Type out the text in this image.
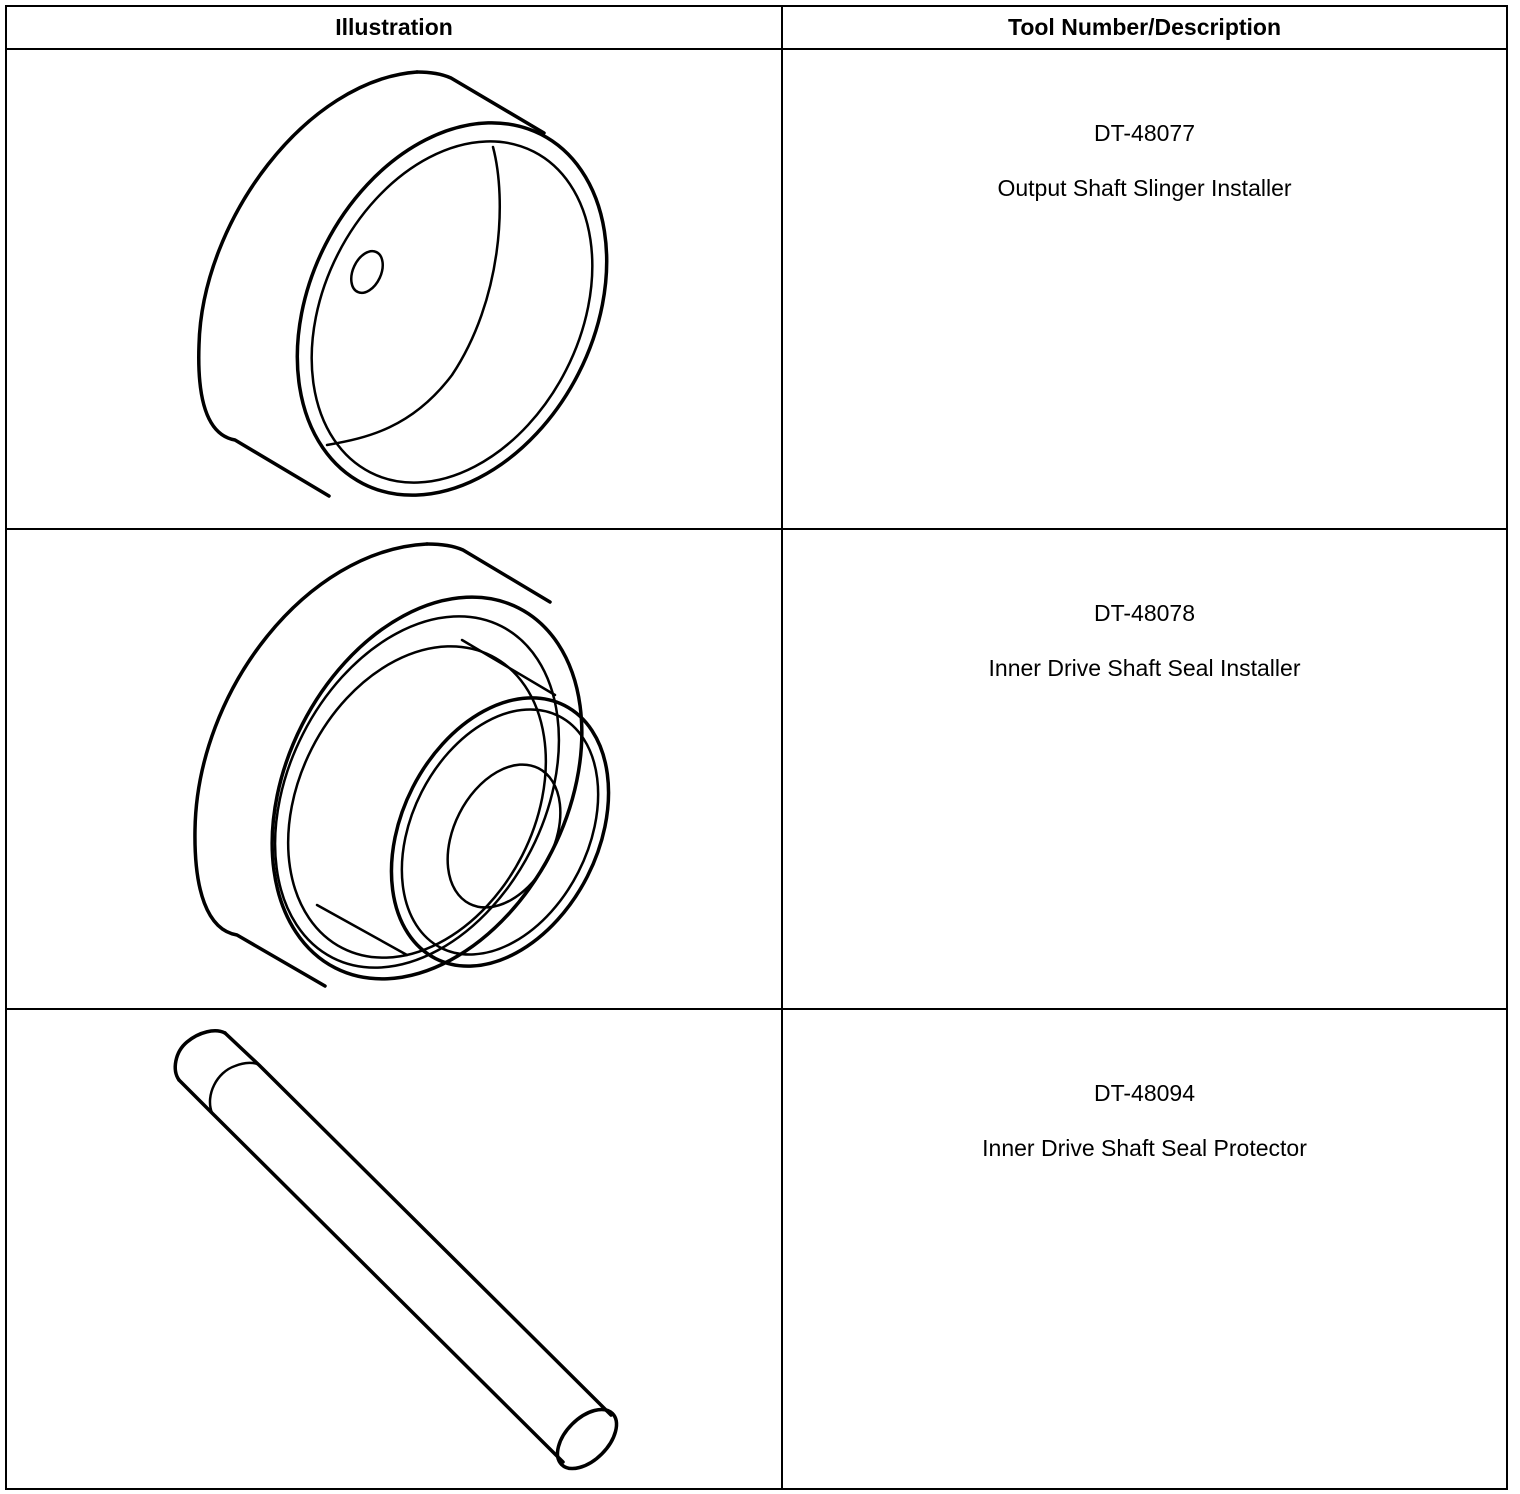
Illustration	Tool Number/Description

DT-48077
Output Shaft Slinger Installer

DT-48078
Inner Drive Shaft Seal Installer

DT-48094
Inner Drive Shaft Seal Protector
